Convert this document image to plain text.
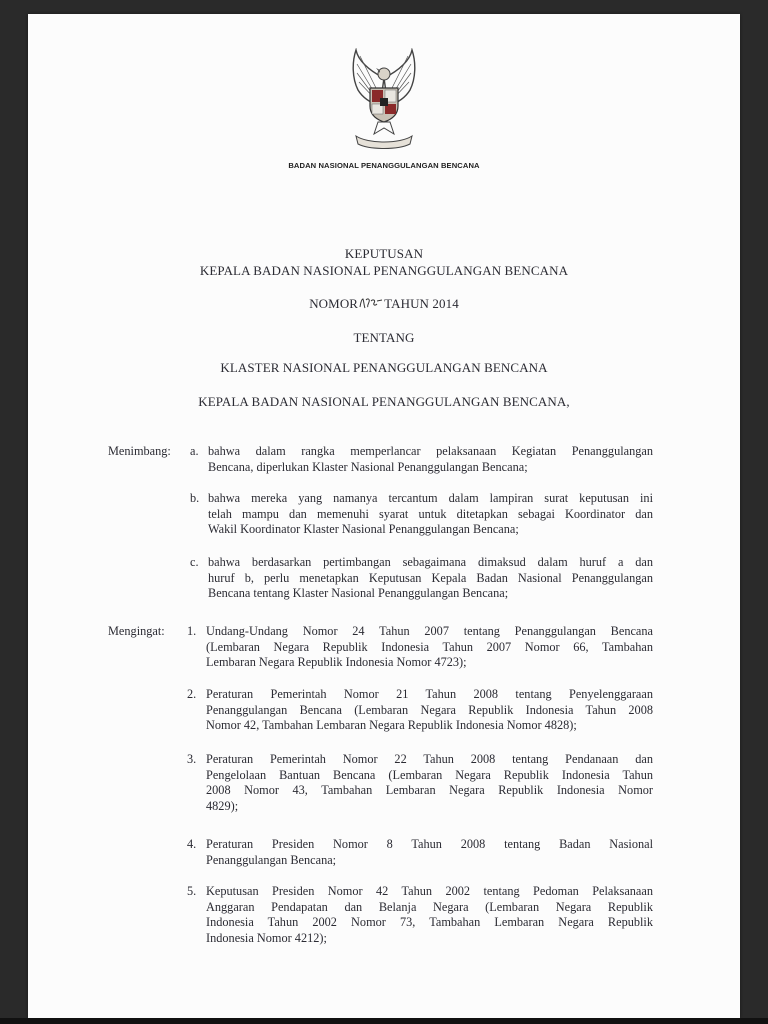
BADAN NASIONAL PENANGGULANGAN BENCANA
KEPUTUSAN
KEPALA BADAN NASIONAL PENANGGULANGAN BENCANA
NOMOR TAHUN 2014
TENTANG
KLASTER NASIONAL PENANGGULANGAN BENCANA
KEPALA BADAN NASIONAL PENANGGULANGAN BENCANA,
Menimbang: a. bahwa dalam rangka memperlancar pelaksanaan Kegiatan Penanggulangan
Bencana, diperlukan Klaster Nasional Penanggulangan Bencana;
b. bahwa mereka yang namanya tercantum dalam lampiran surat keputusan ini
telah mampu dan memenuhi syarat untuk ditetapkan sebagai Koordinator dan
Wakil Koordinator Klaster Nasional Penanggulangan Bencana;
c. bahwa berdasarkan pertimbangan sebagaimana dimaksud dalam huruf a dan
huruf b, perlu menetapkan Keputusan Kepala Badan Nasional Penanggulangan
Bencana tentang Klaster Nasional Penanggulangan Bencana;
Mengingat: 1. Undang-Undang Nomor 24 Tahun 2007 tentang Penanggulangan Bencana
(Lembaran Negara Republik Indonesia Tahun 2007 Nomor 66, Tambahan
Lembaran Negara Republik Indonesia Nomor 4723);
2. Peraturan Pemerintah Nomor 21 Tahun 2008 tentang Penyelenggaraan
Penanggulangan Bencana (Lembaran Negara Republik Indonesia Tahun 2008
Nomor 42, Tambahan Lembaran Negara Republik Indonesia Nomor 4828);
3. Peraturan Pemerintah Nomor 22 Tahun 2008 tentang Pendanaan dan
Pengelolaan Bantuan Bencana (Lembaran Negara Republik Indonesia Tahun
2008 Nomor 43, Tambahan Lembaran Negara Republik Indonesia Nomor
4829);
4. Peraturan Presiden Nomor 8 Tahun 2008 tentang Badan Nasional
Penanggulangan Bencana;
5. Keputusan Presiden Nomor 42 Tahun 2002 tentang Pedoman Pelaksanaan
Anggaran Pendapatan dan Belanja Negara (Lembaran Negara Republik
Indonesia Tahun 2002 Nomor 73, Tambahan Lembaran Negara Republik
Indonesia Nomor 4212);
